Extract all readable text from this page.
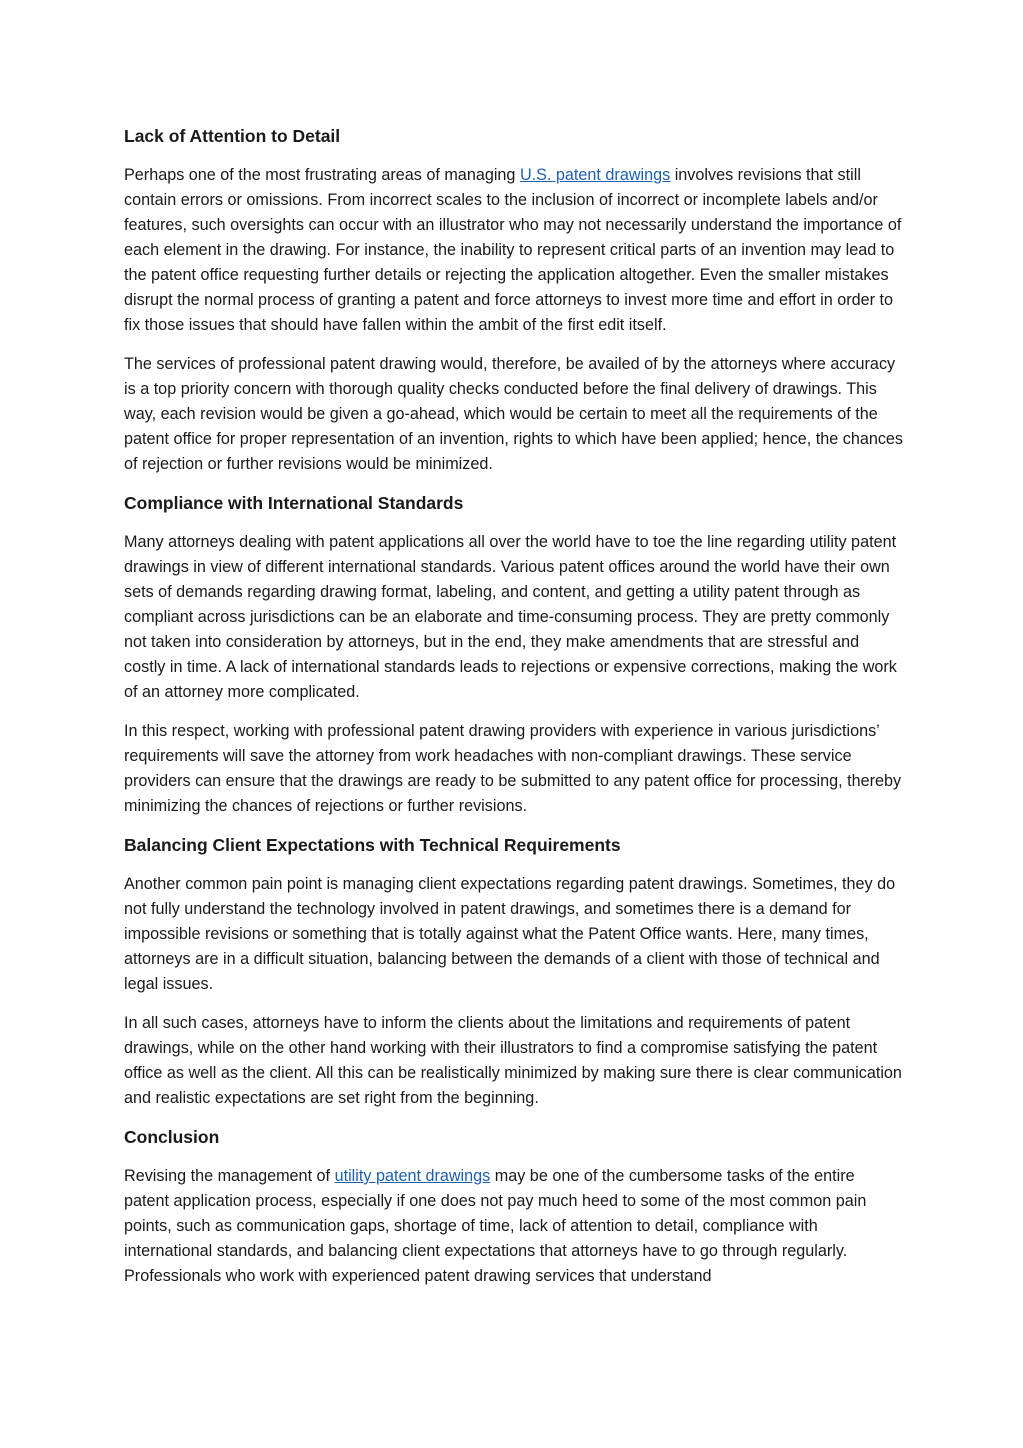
Lack of Attention to Detail

Perhaps one of the most frustrating areas of managing U.S. patent drawings involves revisions that still contain errors or omissions. From incorrect scales to the inclusion of incorrect or incomplete labels and/or features, such oversights can occur with an illustrator who may not necessarily understand the importance of each element in the drawing. For instance, the inability to represent critical parts of an invention may lead to the patent office requesting further details or rejecting the application altogether. Even the smaller mistakes disrupt the normal process of granting a patent and force attorneys to invest more time and effort in order to fix those issues that should have fallen within the ambit of the first edit itself.

The services of professional patent drawing would, therefore, be availed of by the attorneys where accuracy is a top priority concern with thorough quality checks conducted before the final delivery of drawings. This way, each revision would be given a go-ahead, which would be certain to meet all the requirements of the patent office for proper representation of an invention, rights to which have been applied; hence, the chances of rejection or further revisions would be minimized.

Compliance with International Standards

Many attorneys dealing with patent applications all over the world have to toe the line regarding utility patent drawings in view of different international standards. Various patent offices around the world have their own sets of demands regarding drawing format, labeling, and content, and getting a utility patent through as compliant across jurisdictions can be an elaborate and time-consuming process. They are pretty commonly not taken into consideration by attorneys, but in the end, they make amendments that are stressful and costly in time. A lack of international standards leads to rejections or expensive corrections, making the work of an attorney more complicated.

In this respect, working with professional patent drawing providers with experience in various jurisdictions’ requirements will save the attorney from work headaches with non-compliant drawings. These service providers can ensure that the drawings are ready to be submitted to any patent office for processing, thereby minimizing the chances of rejections or further revisions.

Balancing Client Expectations with Technical Requirements

Another common pain point is managing client expectations regarding patent drawings. Sometimes, they do not fully understand the technology involved in patent drawings, and sometimes there is a demand for impossible revisions or something that is totally against what the Patent Office wants. Here, many times, attorneys are in a difficult situation, balancing between the demands of a client with those of technical and legal issues.

In all such cases, attorneys have to inform the clients about the limitations and requirements of patent drawings, while on the other hand working with their illustrators to find a compromise satisfying the patent office as well as the client. All this can be realistically minimized by making sure there is clear communication and realistic expectations are set right from the beginning.

Conclusion

Revising the management of utility patent drawings may be one of the cumbersome tasks of the entire patent application process, especially if one does not pay much heed to some of the most common pain points, such as communication gaps, shortage of time, lack of attention to detail, compliance with international standards, and balancing client expectations that attorneys have to go through regularly. Professionals who work with experienced patent drawing services that understand
